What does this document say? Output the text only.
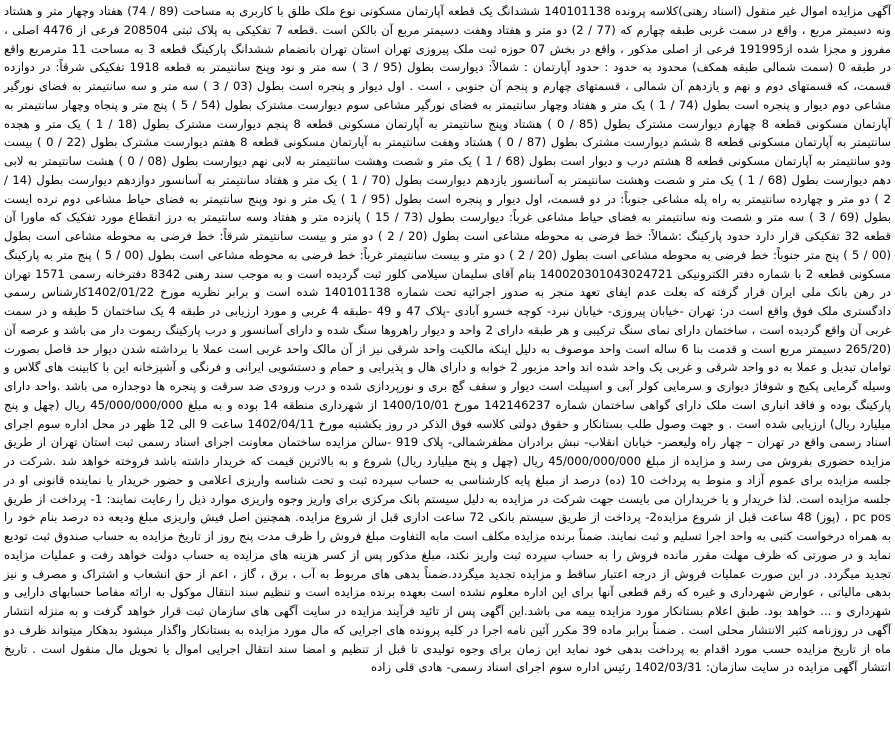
آگهی مزایده اموال غیر منقول (اسناد رهنی)کلاسه پرونده 140101138 ششدانگ یک قطعه آپارتمان مسکونی نوع ملک طلق با کاربری به مساحت (89 / 74) هفتاد وچهار متر و هشتاد ونه دسیمتر مربع ، واقع در سمت غربی طبقه چهارم که (77 / 2) دو متر و هفتاد وهفت دسیمتر مربع آن بالکن است .قطعه 7 تفکیکی به پلاک ثبتی 208504 فرعی از 4476 اصلی ، مفروز و مجزا شده از191995 فرعی از اصلی مذکور ، واقع در بخش 07 حوزه ثبت ملک پیروزی تهران استان تهران بانضمام ششدانگ پارکینگ قطعه 3 به مساحت 11 مترمربع واقع در طبقه 0 (سمت شمالی طبقه همکف) محدود به حدود : حدود آپارتمان : شمالاً: دیوارست بطول (95 / 3 ) سه متر و نود وپنج سانتیمتر به قطعه 1918 تفکیکی شرقاً: در دوازده قسمت، که قسمتهای دوم و نهم و یازدهم آن شمالی ، قسمتهای چهارم و پنجم آن جنوبی ، است . اول دیوار و پنجره است بطول (03 / 3 ) سه متر و سه سانتیمتر به فضای نورگیر مشاعی دوم دیوار و پنجره است بطول (74 / 1 ) یک متر و هفتاد وچهار سانتیمتر به فضای نورگیر مشاعی سوم دیوارست مشترک بطول (54 / 5 ) پنج متر و پنجاه وچهار سانتیمتر به آپارتمان مسکونی قطعه 8 چهارم دیوارست مشترک بطول (85 / 0 ) هشتاد وپنج سانتیمتر به آپارتمان مسکونی قطعه 8 پنجم دیوارست مشترک بطول (18 / 1 ) یک متر و هجده سانتیمتر به آپارتمان مسکونی قطعه 8 ششم دیوارست مشترک بطول (87 / 0 ) هشتاد وهفت سانتیمتر به آپارتمان مسکونی قطعه 8 هفتم دیوارست مشترک بطول (22 / 0 ) بیست ودو سانتیمتر به آپارتمان مسکونی قطعه 8 هشتم درب و دیوار است بطول (68 / 1 ) یک متر و شصت وهشت سانتیمتر به لابی نهم دیوارست بطول (08 / 0 ) هشت سانتیمتر به لابی دهم دیوارست بطول (68 / 1 ) یک متر و شصت وهشت سانتیمتر به آسانسور یازدهم دیوارست بطول (70 / 1 ) یک متر و هفتاد سانتیمتر به آسانسور دوازدهم دیوارست بطول (14 / 2 ) دو متر و چهارده سانتیمتر به راه پله مشاعی جنوباً: در دو قسمت، اول دیوار و پنجره است بطول (95 / 1 ) یک متر و نود وپنج سانتیمتر به فضای حیاط مشاعی دوم نرده ایست بطول (69 / 3 ) سه متر و شصت ونه سانتیمتر به فضای حیاط مشاعی غرباً: دیوارست بطول (73 / 15 ) پانزده متر و هفتاد وسه سانتیمتر به درز انقطاع مورد تفکیک که ماورا آن قطعه 32 تفکیکی قرار دارد حدود پارکینگ :شمالاً: خط فرضی به محوطه مشاعی است بطول (20 / 2 ) دو متر و بیست سانتیمتر شرقاً: خط فرضی به محوطه مشاعی است بطول (00 / 5 ) پنج متر جنوباً: خط فرضی به محوطه مشاعی است بطول (20 / 2 ) دو متر و بیست سانتیمتر غرباً: خط فرضی به محوطه مشاعی است بطول (00 / 5 ) پنج متر به پارکینگ مسکونی قطعه 2 با شماره دفتر الکترونیکی 140020301043024721 بنام آقای سلیمان سیلامی کلور ثبت گردیده است و به موجب سند رهنی 8342 دفترخانه رسمی 1571 تهران در رهن بانک ملی ایران قرار گرفته که بعلت عدم ایفای تعهد منجر به صدور اجرائیه تحت شماره 140101138 شده است و برابر نظریه مورخ 1402/01/22کارشناس رسمی دادگستری ملک فوق واقع است در: تهران -خیابان پیروزی- خیابان نبرد- کوچه خسرو آبادی -پلاک 47 و 49 -طبقه 4 غربی و مورد ارزیابی در طبقه 4 یک ساختمان 5 طبقه و در سمت غربی آن واقع گردیده است ، ساختمان دارای نمای سنگ ترکیبی و هر طبقه دارای 2 واحد و دیوار راهروها سنگ شده و دارای آسانسور و درب پارکینگ ریموت دار می باشد و عرصه آن (265/20 دسیمتر مربع است و قدمت بنا 6 ساله است واحد موصوف به دلیل اینکه مالکیت واحد شرقی نیز از آن مالک واحد غربی است عملا با برداشته شدن دیوار حد فاصل بصورت توامان تبدیل و عملا به دو واحد شرقی و غربی یک واحد شده اند واحد مزبور 2 خوابه و دارای هال و پذیرایی و حمام و دستشویی ایرانی و فرنگی و آشپزخانه این با کابینت های گلاس و وسیله گرمایی پکیج و شوفاژ دیواری و سرمایی کولر آبی و اسپیلت است دیوار و سقف گچ بری و نورپردازی شده و درب ورودی ضد سرقت و پنجره ها دوجداره می باشد .واحد دارای پارکینگ بوده و فاقد انباری است ملک دارای گواهی ساختمان شماره 142146237 مورخ 1400/10/01 از شهرداری منطقه 14 بوده و به مبلغ 45/000/000/000 ریال (چهل و پنج میلیارد ریال) ارزیابی شده است . و جهت وصول طلب بستانکار و حقوق دولتی کلاسه فوق الذکر در روز یکشنبه مورخ 1402/04/11 ساعت 9 الی 12 ظهر در محل اداره سوم اجرای اسناد رسمی واقع در تهران – چهار راه ولیعصر- خیابان انقلاب- نبش برادران مظفرشمالی- پلاک 919 -سالن مزایده ساختمان معاونت اجرای اسناد رسمی ثبت استان تهران از طریق مزایده حضوری بفروش می رسد و مزایده از مبلغ 45/000/000/000 ریال (چهل و پنج میلیارد ریال) شروع و به بالاترین قیمت که خریدار داشته باشد فروخته خواهد شد .شرکت در جلسه مزایده برای عموم آزاد و منوط به پرداخت 10 (ده) درصد از مبلغ پایه کارشناسی به حساب سپرده ثبت و تحت شناسه واریزی اعلامی و حضور خریدار یا نماینده قانونی او در جلسه مزایده است. لذا خریدار و یا خریداران می بایست جهت شرکت در مزایده به دلیل سیستم بانک مرکزی برای واریز وجوه واریزی موارد ذیل را رعایت نمایند: 1- پرداخت از طریق pc pos ، (پوز) 48 ساعت قبل از شروع مزایده2- پرداخت از طریق سیستم بانکی 72 ساعت اداری قبل از شروع مزایده. همچنین اصل فیش واریزی مبلغ ودیعه ده درصد بنام خود را به همراه درخواست کتبی به واحد اجرا تسلیم و ثبت نمایند. ضمناً برنده مزایده مکلف است مابه التفاوت مبلغ فروش را ظرف مدت پنج روز از تاریخ مزایده به حساب صندوق ثبت تودیع نماید و در صورتی که ظرف مهلت مقرر مانده فروش را به حساب سپرده ثبت واریز نکند، مبلغ مذکور پس از کسر هزینه های مزایده به حساب دولت خواهد رفت و عملیات مزایده تجدید میگردد. در این صورت عملیات فروش از درجه اعتبار ساقط و مزایده تجدید میگردد.ضمناً بدهی های مربوط به آب ، برق ، گاز ، اعم از حق انشعاب و اشتراک و مصرف و نیز بدهی مالیاتی ، عوارض شهرداری و غیره که رقم قطعی آنها برای این اداره معلوم نشده است بعهده برنده مزایده است و تنظیم سند انتقال موکول به ارائه مفاصا حسابهای دارایی و شهرداری و ... خواهد بود. طبق اعلام بستانکار مورد مزایده بیمه می باشد.این آگهی پس از تائید فرآیند مزایده در سایت آگهی های سازمان ثبت قرار خواهد گرفت و به منزله انتشار آگهی در روزنامه کثیر الانتشار محلی است . ضمناً برابر ماده 39 مکرر آئین نامه اجرا در کلیه پرونده های اجرایی که مال مورد مزایده به بستانکار واگذار میشود بدهکار میتواند ظرف دو ماه از تاریخ مزایده حسب مورد اقدام به پرداخت بدهی خود نماید این زمان برای وجوه تولیدی تا قبل از تنظیم و امضا سند انتقال اجرایی اموال یا تحویل مال منقول است . تاریخ انتشار آگهی مزایده در سایت سازمان: 1402/03/31 رئیس اداره سوم اجرای اسناد رسمی- هادی قلی زاده
